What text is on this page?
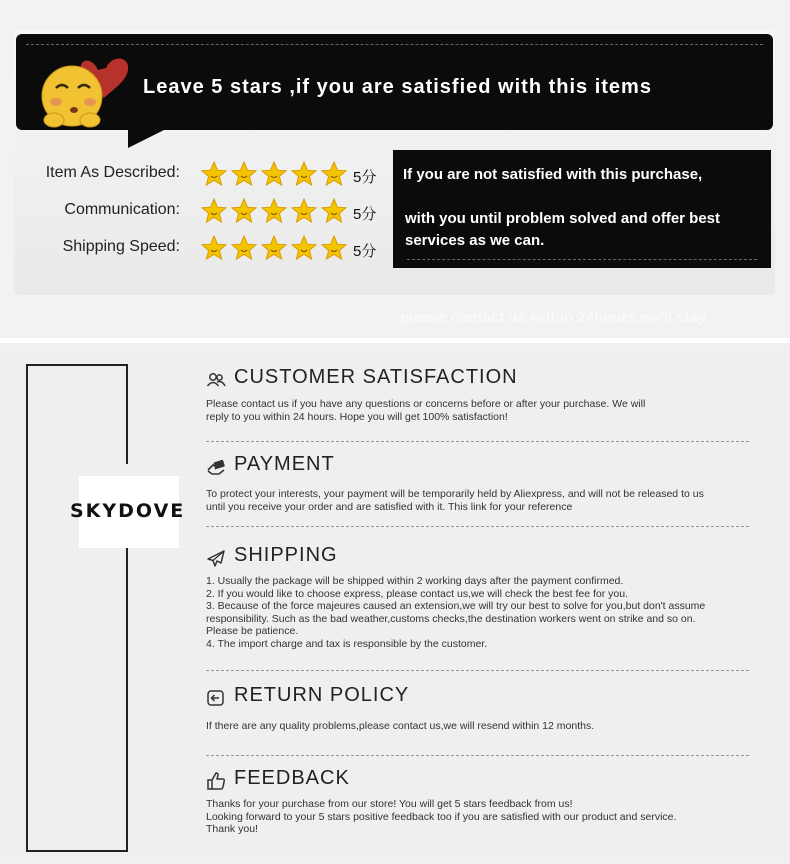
Leave 5 stars ,if you are satisfied with this items
Item As Described:	5分
Communication:	5分
Shipping Speed:	5分
If you are not satisfied with this purchase,
with you until problem solved and offer best
services as we can.
please contact us within 24hours,we'll stay
SKYDOVE
CUSTOMER SATISFACTION

Please contact us if you have any questions or concerns before or after your purchase. We will

reply to you within 24 hours. Hope you will get 100% satisfaction!

PAYMENT

To protect your interests, your payment will be temporarily held by Aliexpress, and will not be released to us

until you receive your order and are satisfied with it. This link for your reference

SHIPPING

1. Usually the package will be shipped within 2 working days after the payment confirmed.

2. If you would like to choose express, please contact us,we will check the best fee for you.

3. Because of the force majeures caused an extension,we will try our best to solve for you,but don't assume

responsibility. Such as the bad weather,customs checks,the destination workers went on strike and so on.

Please be patience.

4. The import charge and tax is responsible by the customer.

RETURN POLICY

If there are any quality problems,please contact us,we will resend within 12 months.

FEEDBACK

Thanks for your purchase from our store! You will get 5 stars feedback from us!

Looking forward to your 5 stars positive feedback too if you are satisfied with our product and service.

Thank you!
